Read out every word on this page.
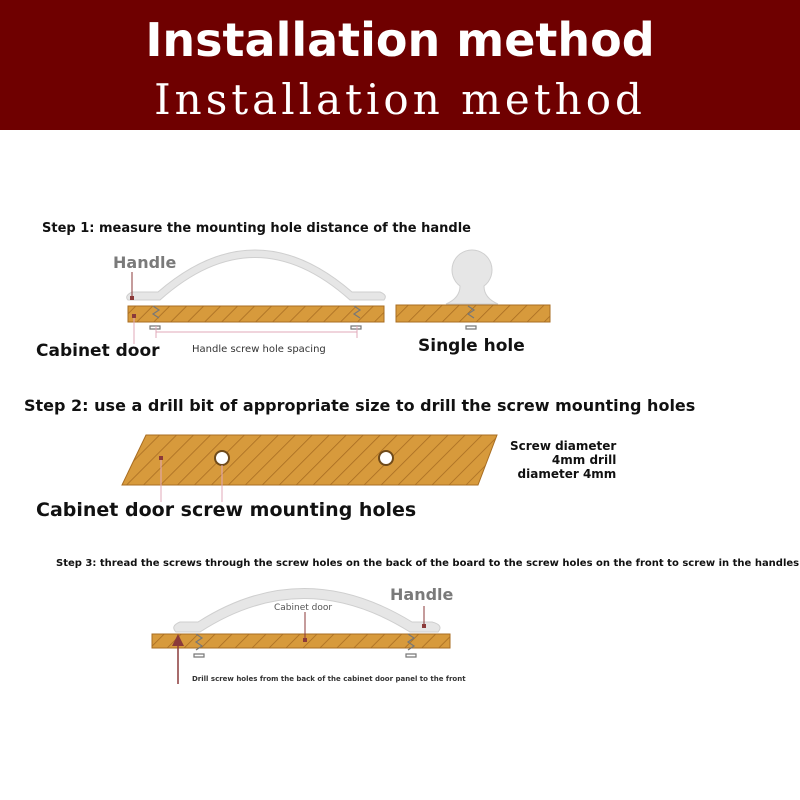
Installation method
Installation method
Step 1: measure the mounting hole distance of the handle
Handle
Cabinet door	Handle screw hole spacing	Single hole
Step 2: use a drill bit of appropriate size to drill the screw mounting holes
Screw diameter
4mm drill
diameter 4mm
Cabinet door screw mounting holes
Step 3: thread the screws through the screw holes on the back of the board to the screw holes on the front to screw in the handles
Handle
Cabinet door
Drill screw holes from the back of the cabinet door panel to the front
